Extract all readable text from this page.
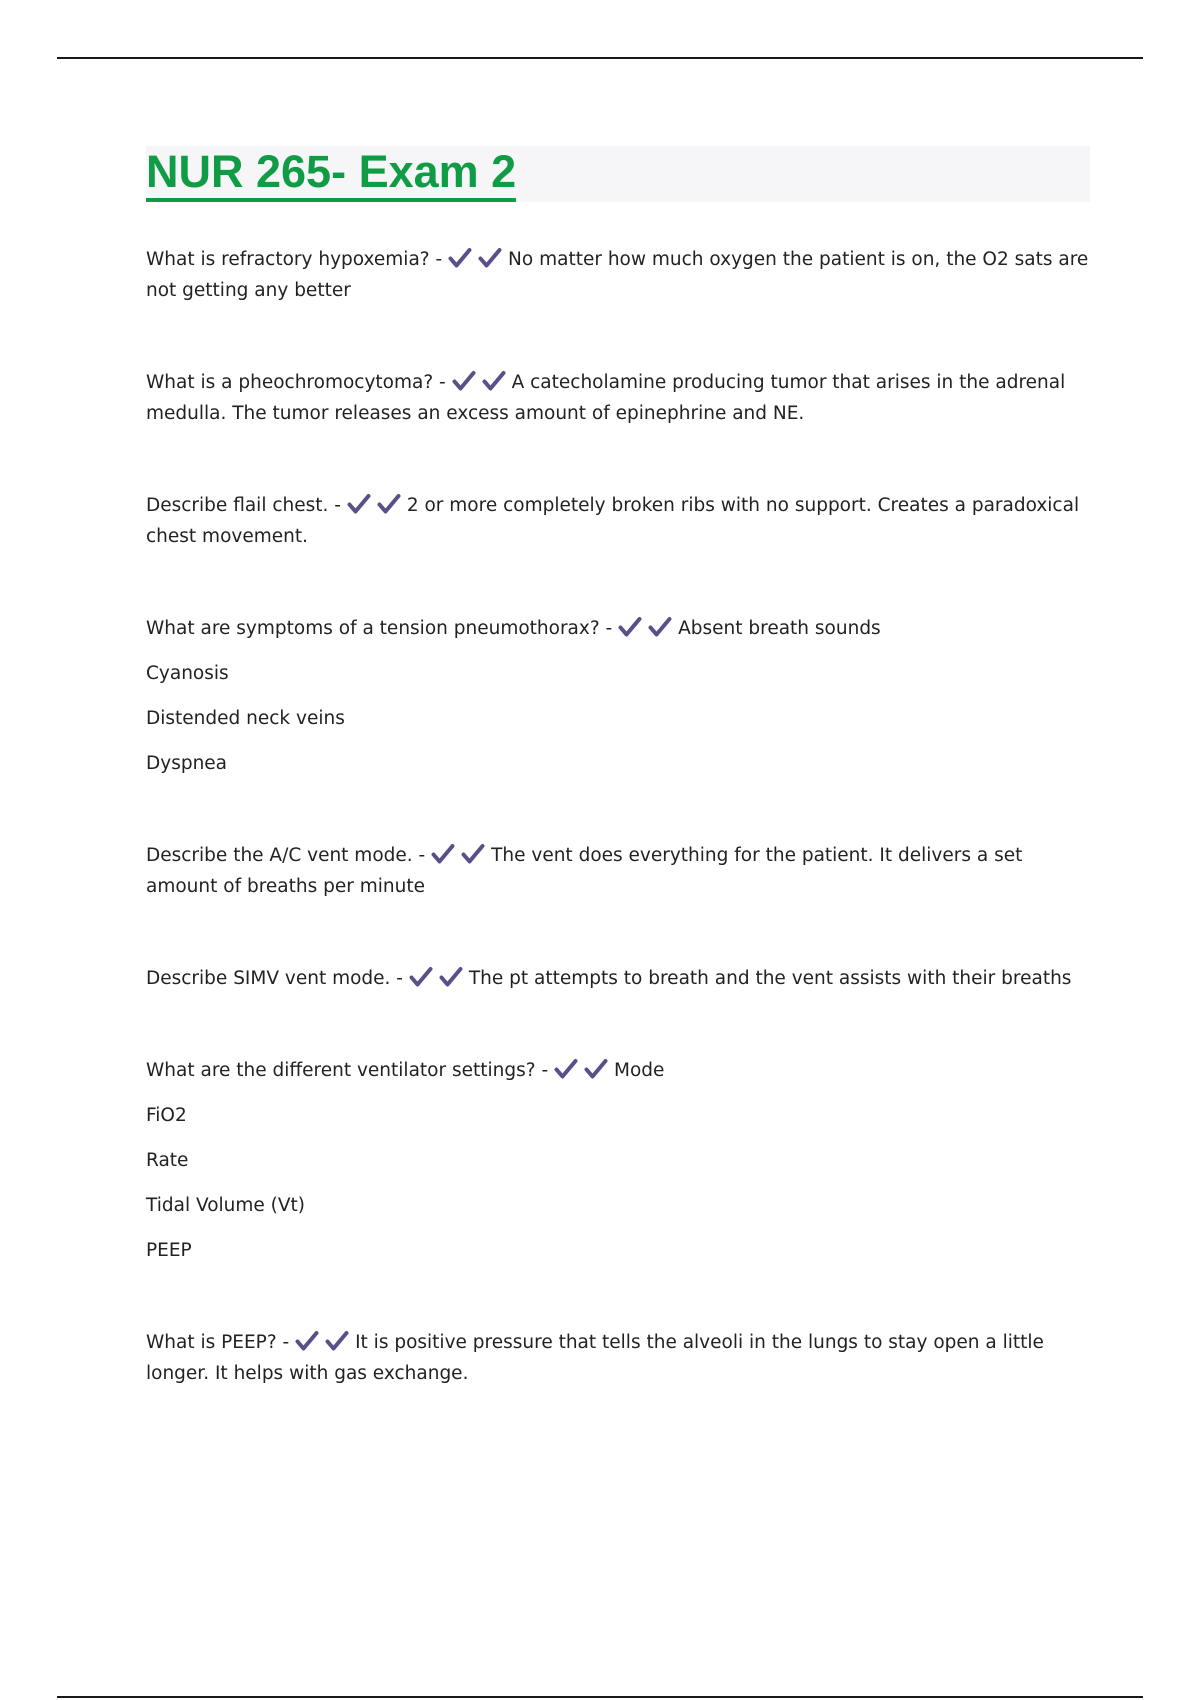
NUR 265- Exam 2

What is refractory hypoxemia? -	No matter how much oxygen the patient is on, the O2 sats are not getting any better

What is a pheochromocytoma? -	A catecholamine producing tumor that arises in the adrenal medulla. The tumor releases an excess amount of epinephrine and NE.

Describe flail chest. -	2 or more completely broken ribs with no support. Creates a paradoxical chest movement.

What are symptoms of a tension pneumothorax? -	Absent breath sounds

Cyanosis

Distended neck veins

Dyspnea

Describe the A/C vent mode. -	The vent does everything for the patient. It delivers a set amount of breaths per minute

Describe SIMV vent mode. -	The pt attempts to breath and the vent assists with their breaths

What are the different ventilator settings? -	Mode

FiO2

Rate

Tidal Volume (Vt)

PEEP

What is PEEP? -	It is positive pressure that tells the alveoli in the lungs to stay open a little longer. It helps with gas exchange.
